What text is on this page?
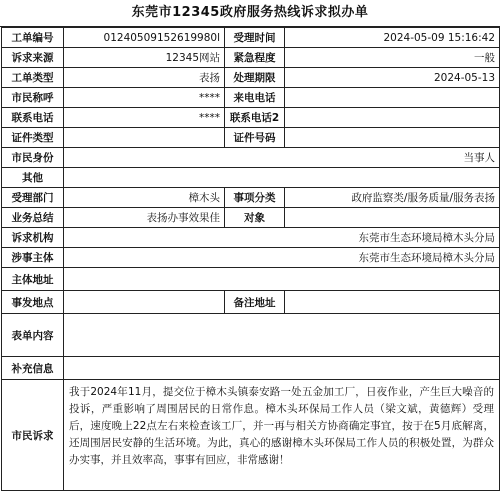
东莞市12345政府服务热线诉求拟办单
工单编号	01240509152619980l	受理时间	2024-05-09 15:16:42
诉求来源	12345网站	紧急程度	一般
工单类型	表扬	处理期限	2024-05-13
市民称呼	****	来电电话	
联系电话	****	联系电话2	
证件类型		证件号码	
市民身份	当事人		
其他			
受理部门	樟木头	事项分类	政府监察类/服务质量/服务表扬
业务总结	表扬办事效果佳	对象	
诉求机构	东莞市生态环境局樟木头分局		
涉事主体	东莞市生态环境局樟木头分局		
主体地址			
事发地点		备注地址	
表单内容			
补充信息			
市民诉求	我于2024年11月，提交位于樟木头镇泰安路一处五金加工厂，日夜作业，产生巨大噪音的投诉，严重影响了周围居民的日常作息。樟木头环保局工作人员（梁文斌，黄德辉）受理后，速度晚上22点左右来检查该工厂，并一再与相关方协商确定事宜，按于在5月底解离，还周围居民安静的生活环境。为此，真心的感谢樟木头环保局工作人员的积极处置，为群众办实事，并且效率高，事事有回应，非常感谢！		
